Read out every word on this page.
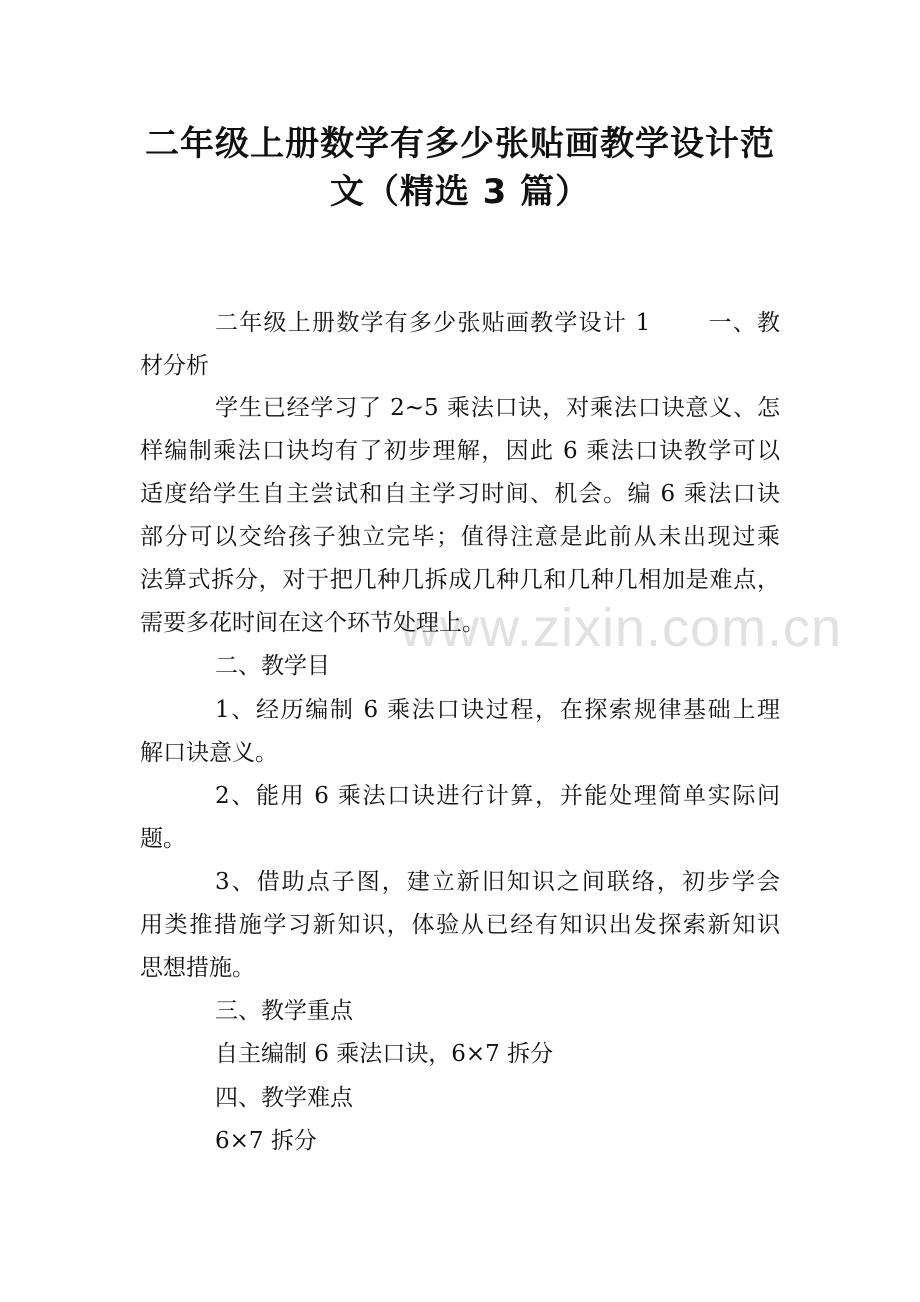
二年级上册数学有多少张贴画教学设计范
文（精选 3 篇）
www.zixin.com.cn
二年级上册数学有多少张贴画教学设计 1　　 一、教
材分析
学生已经学习了 2~5 乘法口诀，对乘法口诀意义、怎
样编制乘法口诀均有了初步理解，因此 6 乘法口诀教学可以
适度给学生自主尝试和自主学习时间、机会。编 6 乘法口诀
部分可以交给孩子独立完毕；值得注意是此前从未出现过乘
法算式拆分，对于把几种几拆成几种几和几种几相加是难点，
需要多花时间在这个环节处理上。
二、教学目
1、经历编制 6 乘法口诀过程，在探索规律基础上理
解口诀意义。
2、能用 6 乘法口诀进行计算，并能处理简单实际问
题。
3、借助点子图，建立新旧知识之间联络，初步学会
用类推措施学习新知识，体验从已经有知识出发探索新知识
思想措施。
三、教学重点
自主编制 6 乘法口诀，6×7 拆分
四、教学难点
6×7 拆分
